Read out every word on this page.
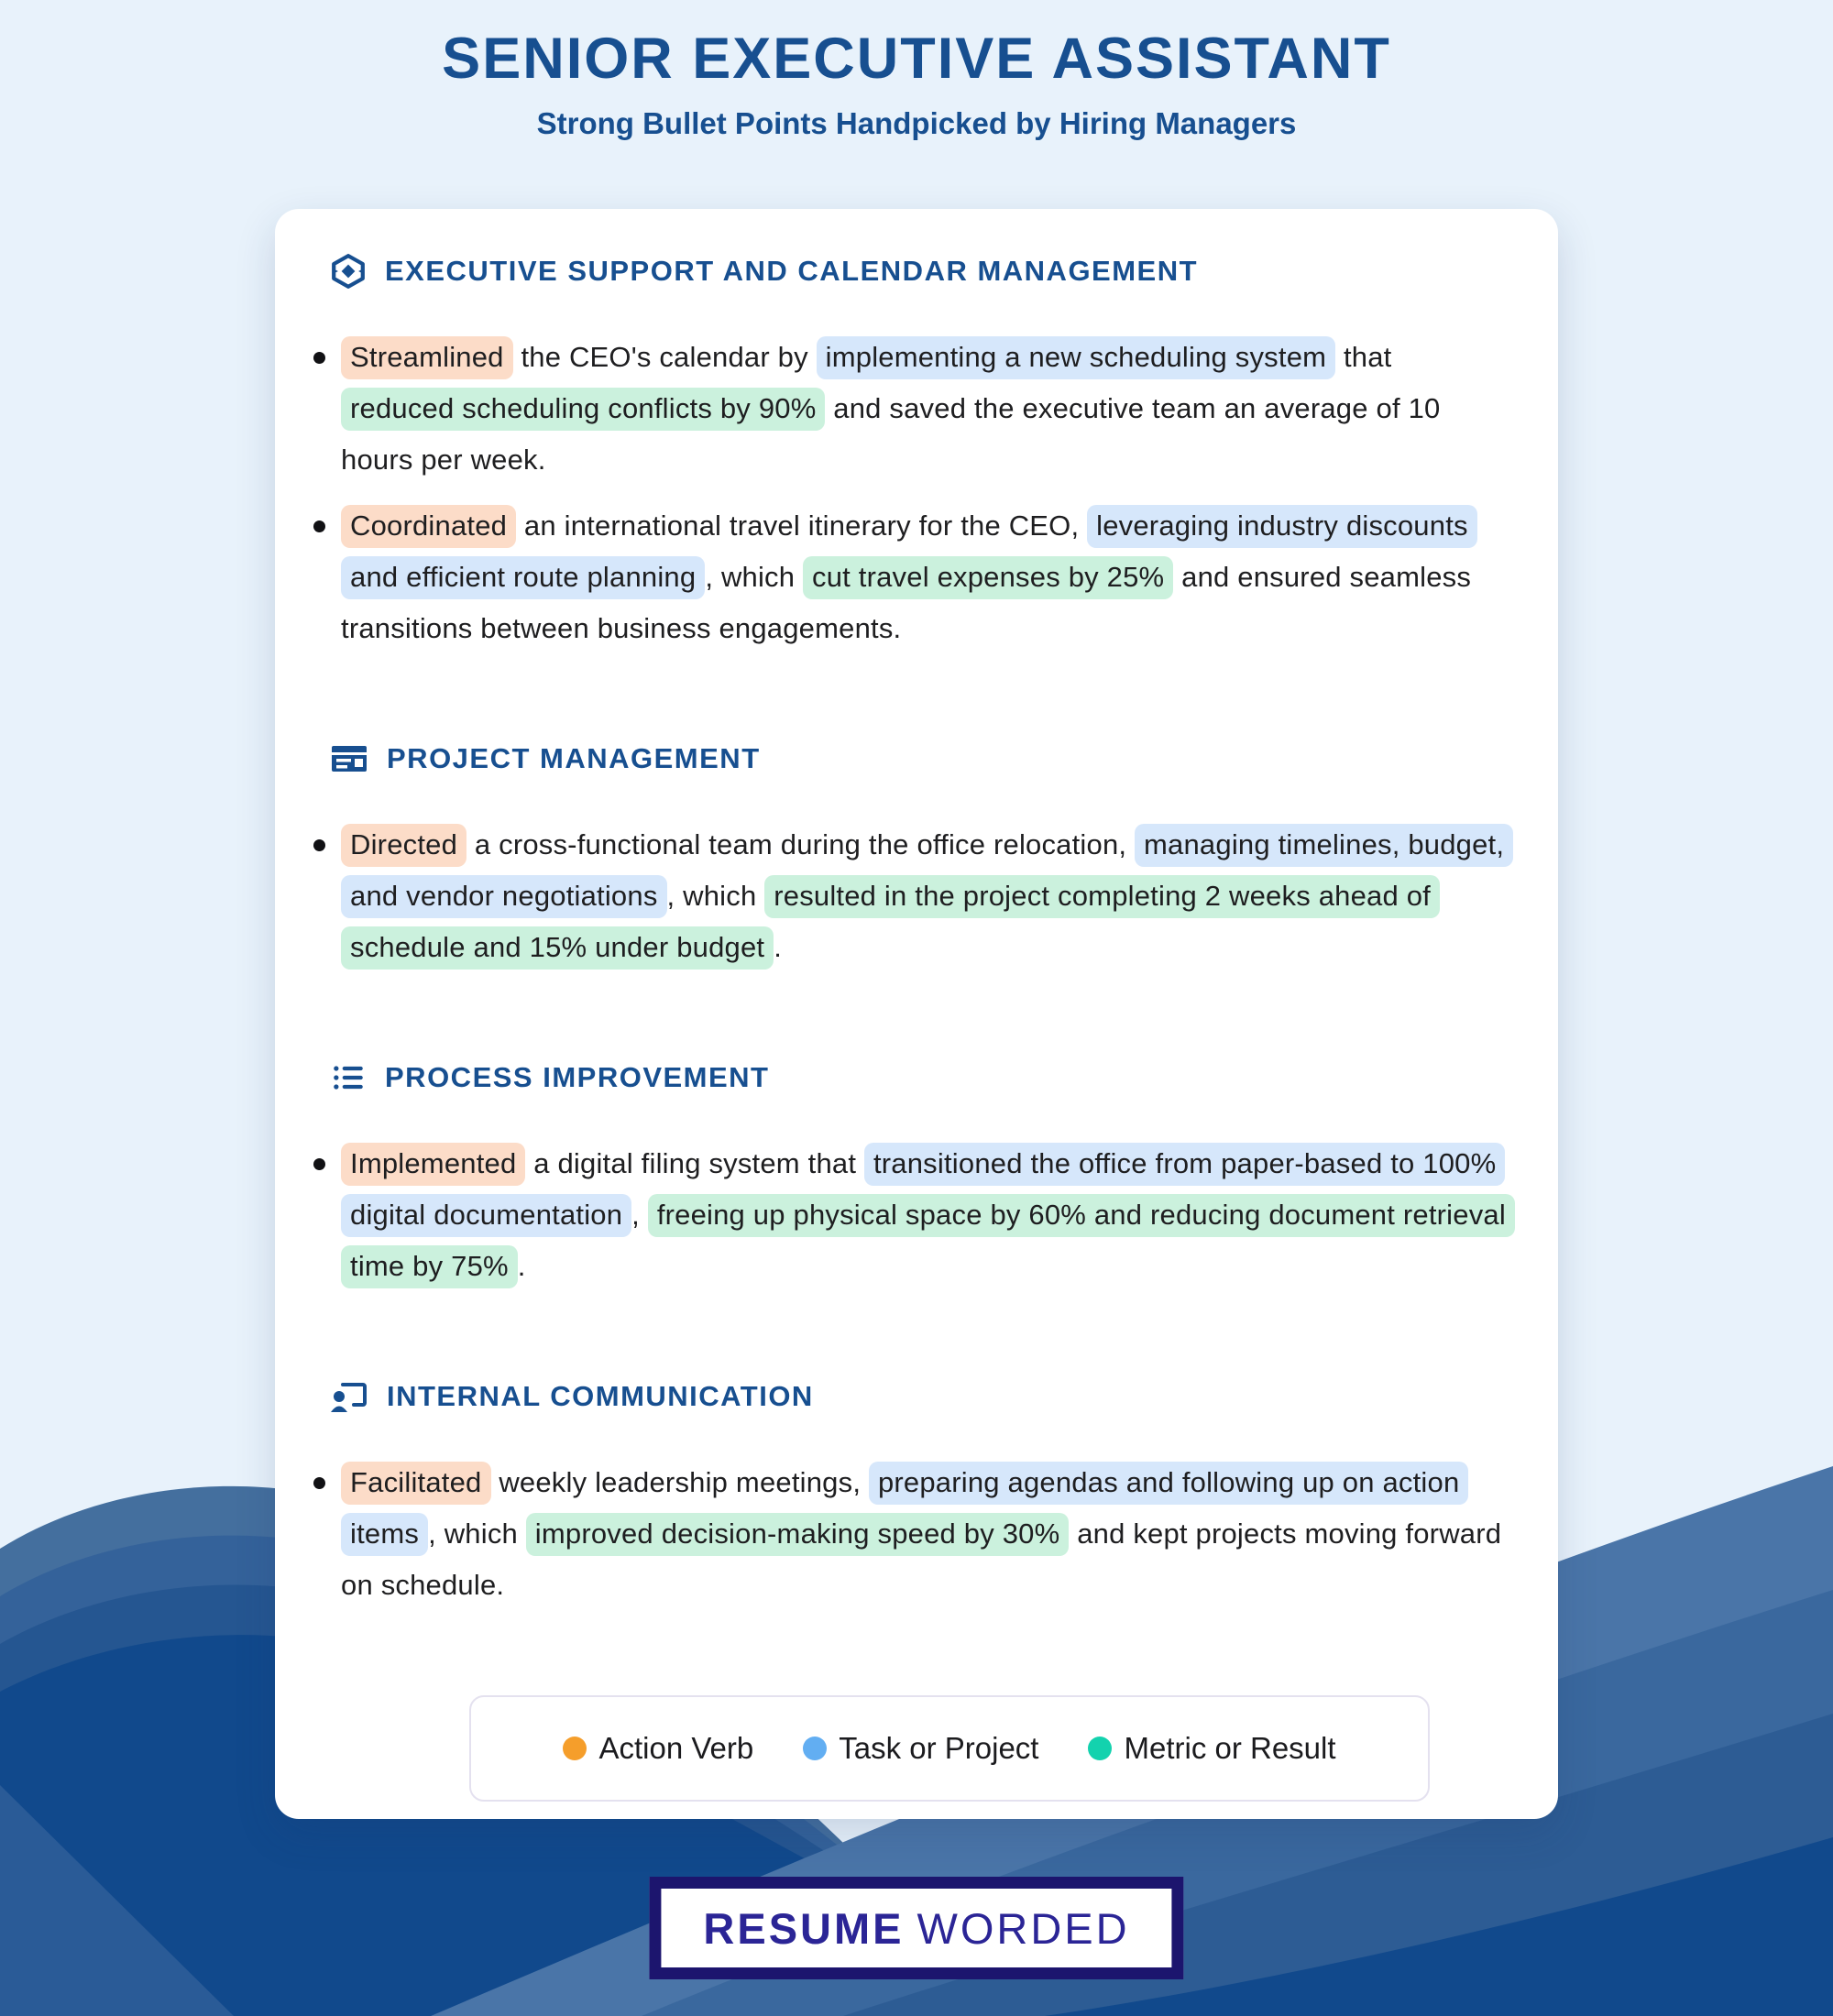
SENIOR EXECUTIVE ASSISTANT
Strong Bullet Points Handpicked by Hiring Managers
EXECUTIVE SUPPORT AND CALENDAR MANAGEMENT
Streamlined the CEO's calendar by implementing a new scheduling system that reduced scheduling conflicts by 90% and saved the executive team an average of 10 hours per week.
Coordinated an international travel itinerary for the CEO, leveraging industry discounts and efficient route planning , which cut travel expenses by 25% and ensured seamless transitions between business engagements.
PROJECT MANAGEMENT
Directed a cross-functional team during the office relocation, managing timelines, budget, and vendor negotiations , which resulted in the project completing 2 weeks ahead of schedule and 15% under budget .
PROCESS IMPROVEMENT
Implemented a digital filing system that transitioned the office from paper-based to 100% digital documentation , freeing up physical space by 60% and reducing document retrieval time by 75% .
INTERNAL COMMUNICATION
Facilitated weekly leadership meetings, preparing agendas and following up on action items , which improved decision-making speed by 30% and kept projects moving forward on schedule.
Action Verb	Task or Project	Metric or Result
RESUME WORDED
